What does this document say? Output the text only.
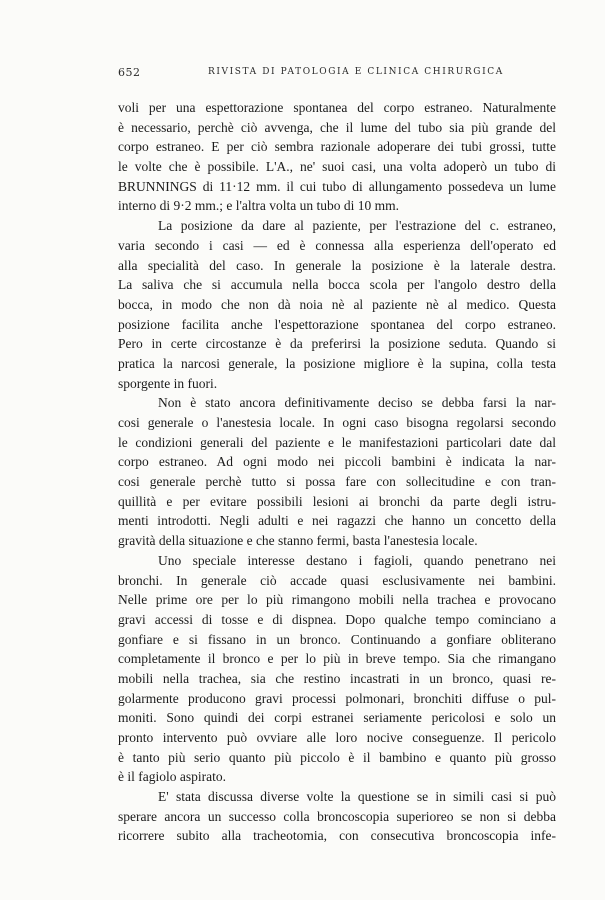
652	RIVISTA DI PATOLOGIA E CLINICA CHIRURGICA
voli per una espettorazione spontanea del corpo estraneo. Naturalmente
è necessario, perchè ciò avvenga, che il lume del tubo sia più grande del
corpo estraneo. E per ciò sembra razionale adoperare dei tubi grossi, tutte
le volte che è possibile. L'A., ne' suoi casi, una volta adoperò un tubo di
BRUNNINGS di 11·12 mm. il cui tubo di allungamento possedeva un lume
interno di 9·2 mm.; e l'altra volta un tubo di 10 mm.
La posizione da dare al paziente, per l'estrazione del c. estraneo,
varia secondo i casi — ed è connessa alla esperienza dell'operato ed
alla specialità del caso. In generale la posizione è la laterale destra.
La saliva che si accumula nella bocca scola per l'angolo destro della
bocca, in modo che non dà noia nè al paziente nè al medico. Questa
posizione facilita anche l'espettorazione spontanea del corpo estraneo.
Pero in certe circostanze è da preferirsi la posizione seduta. Quando si
pratica la narcosi generale, la posizione migliore è la supina, colla testa
sporgente in fuori.
Non è stato ancora definitivamente deciso se debba farsi la nar-
cosi generale o l'anestesia locale. In ogni caso bisogna regolarsi secondo
le condizioni generali del paziente e le manifestazioni particolari date dal
corpo estraneo. Ad ogni modo nei piccoli bambini è indicata la nar-
cosi generale perchè tutto si possa fare con sollecitudine e con tran-
quillità e per evitare possibili lesioni ai bronchi da parte degli istru-
menti introdotti. Negli adulti e nei ragazzi che hanno un concetto della
gravità della situazione e che stanno fermi, basta l'anestesia locale.
Uno speciale interesse destano i fagioli, quando penetrano nei
bronchi. In generale ciò accade quasi esclusivamente nei bambini.
Nelle prime ore per lo più rimangono mobili nella trachea e provocano
gravi accessi di tosse e di dispnea. Dopo qualche tempo cominciano a
gonfiare e si fissano in un bronco. Continuando a gonfiare obliterano
completamente il bronco e per lo più in breve tempo. Sia che rimangano
mobili nella trachea, sia che restino incastrati in un bronco, quasi re-
golarmente producono gravi processi polmonari, bronchiti diffuse o pul-
moniti. Sono quindi dei corpi estranei seriamente pericolosi e solo un
pronto intervento può ovviare alle loro nocive conseguenze. Il pericolo
è tanto più serio quanto più piccolo è il bambino e quanto più grosso
è il fagiolo aspirato.
E' stata discussa diverse volte la questione se in simili casi si può
sperare ancora un successo colla broncoscopia superioreo se non si debba
ricorrere subito alla tracheotomia, con consecutiva broncoscopia infe-
